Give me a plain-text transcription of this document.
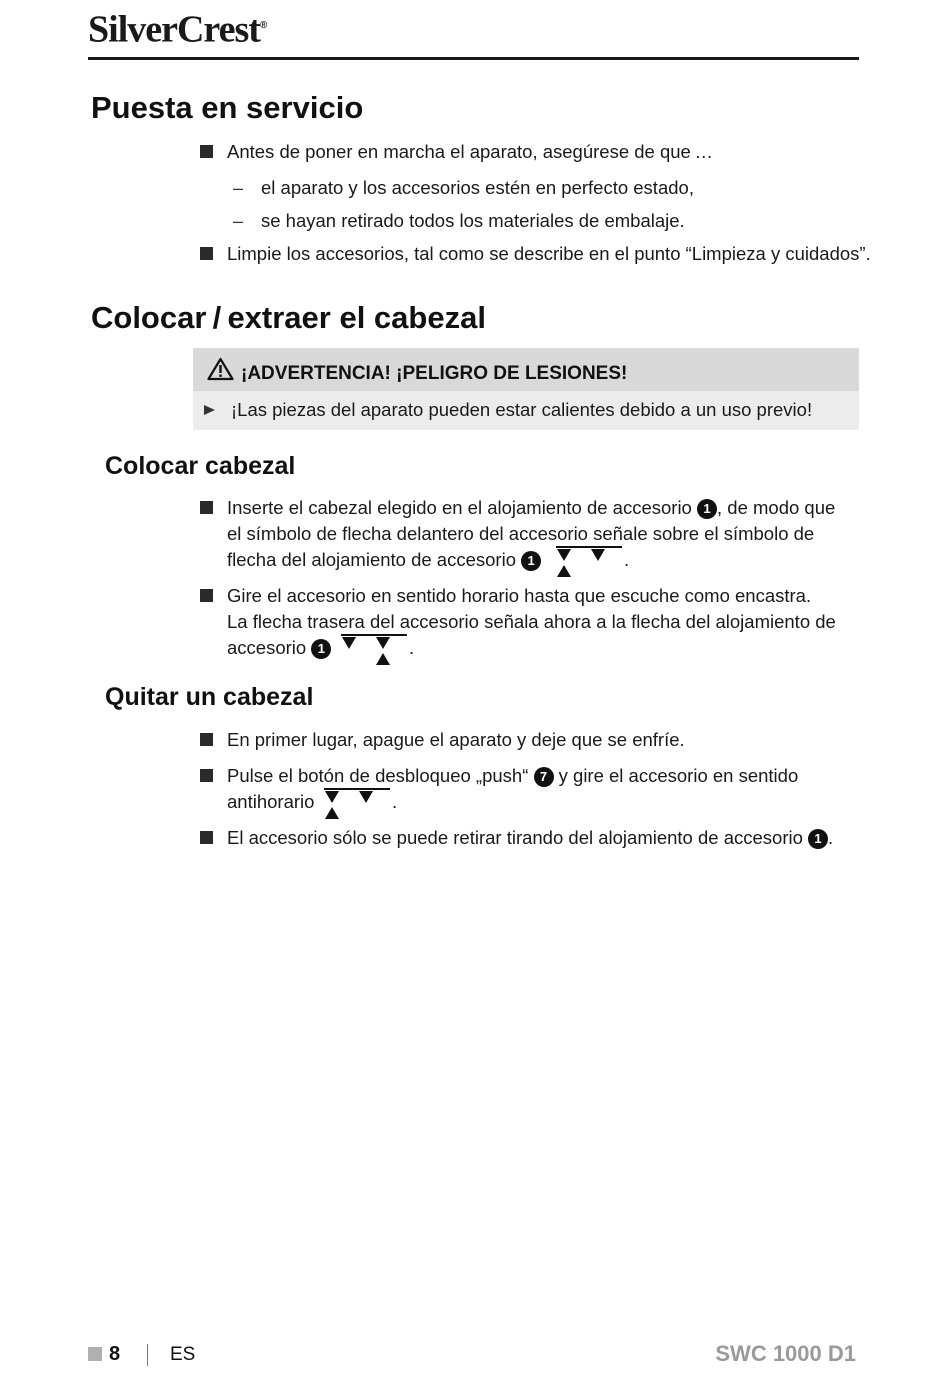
SilverCrest®
Puesta en servicio
Antes de poner en marcha el aparato, asegúrese de que …
– el aparato y los accesorios estén en perfecto estado,
– se hayan retirado todos los materiales de embalaje.
Limpie los accesorios, tal como se describe en el punto “Limpieza y cuidados”.
Colocar / extraer el cabezal
¡ADVERTENCIA! ¡PELIGRO DE LESIONES!
¡Las piezas del aparato pueden estar calientes debido a un uso previo!
Colocar cabezal
Inserte el cabezal elegido en el alojamiento de accesorio 1 , de modo que
el símbolo de flecha delantero del accesorio señale sobre el símbolo de
flecha del alojamiento de accesorio 1	.
Gire el accesorio en sentido horario hasta que escuche como encastra.
La flecha trasera del accesorio señala ahora a la flecha del alojamiento de
accesorio 1	.
Quitar un cabezal
En primer lugar, apague el aparato y deje que se enfríe.
Pulse el botón de desbloqueo „push“ 7 y gire el accesorio en sentido
antihorario	.
El accesorio sólo se puede retirar tirando del alojamiento de accesorio 1 .
8	ES	SWC 1000 D1
